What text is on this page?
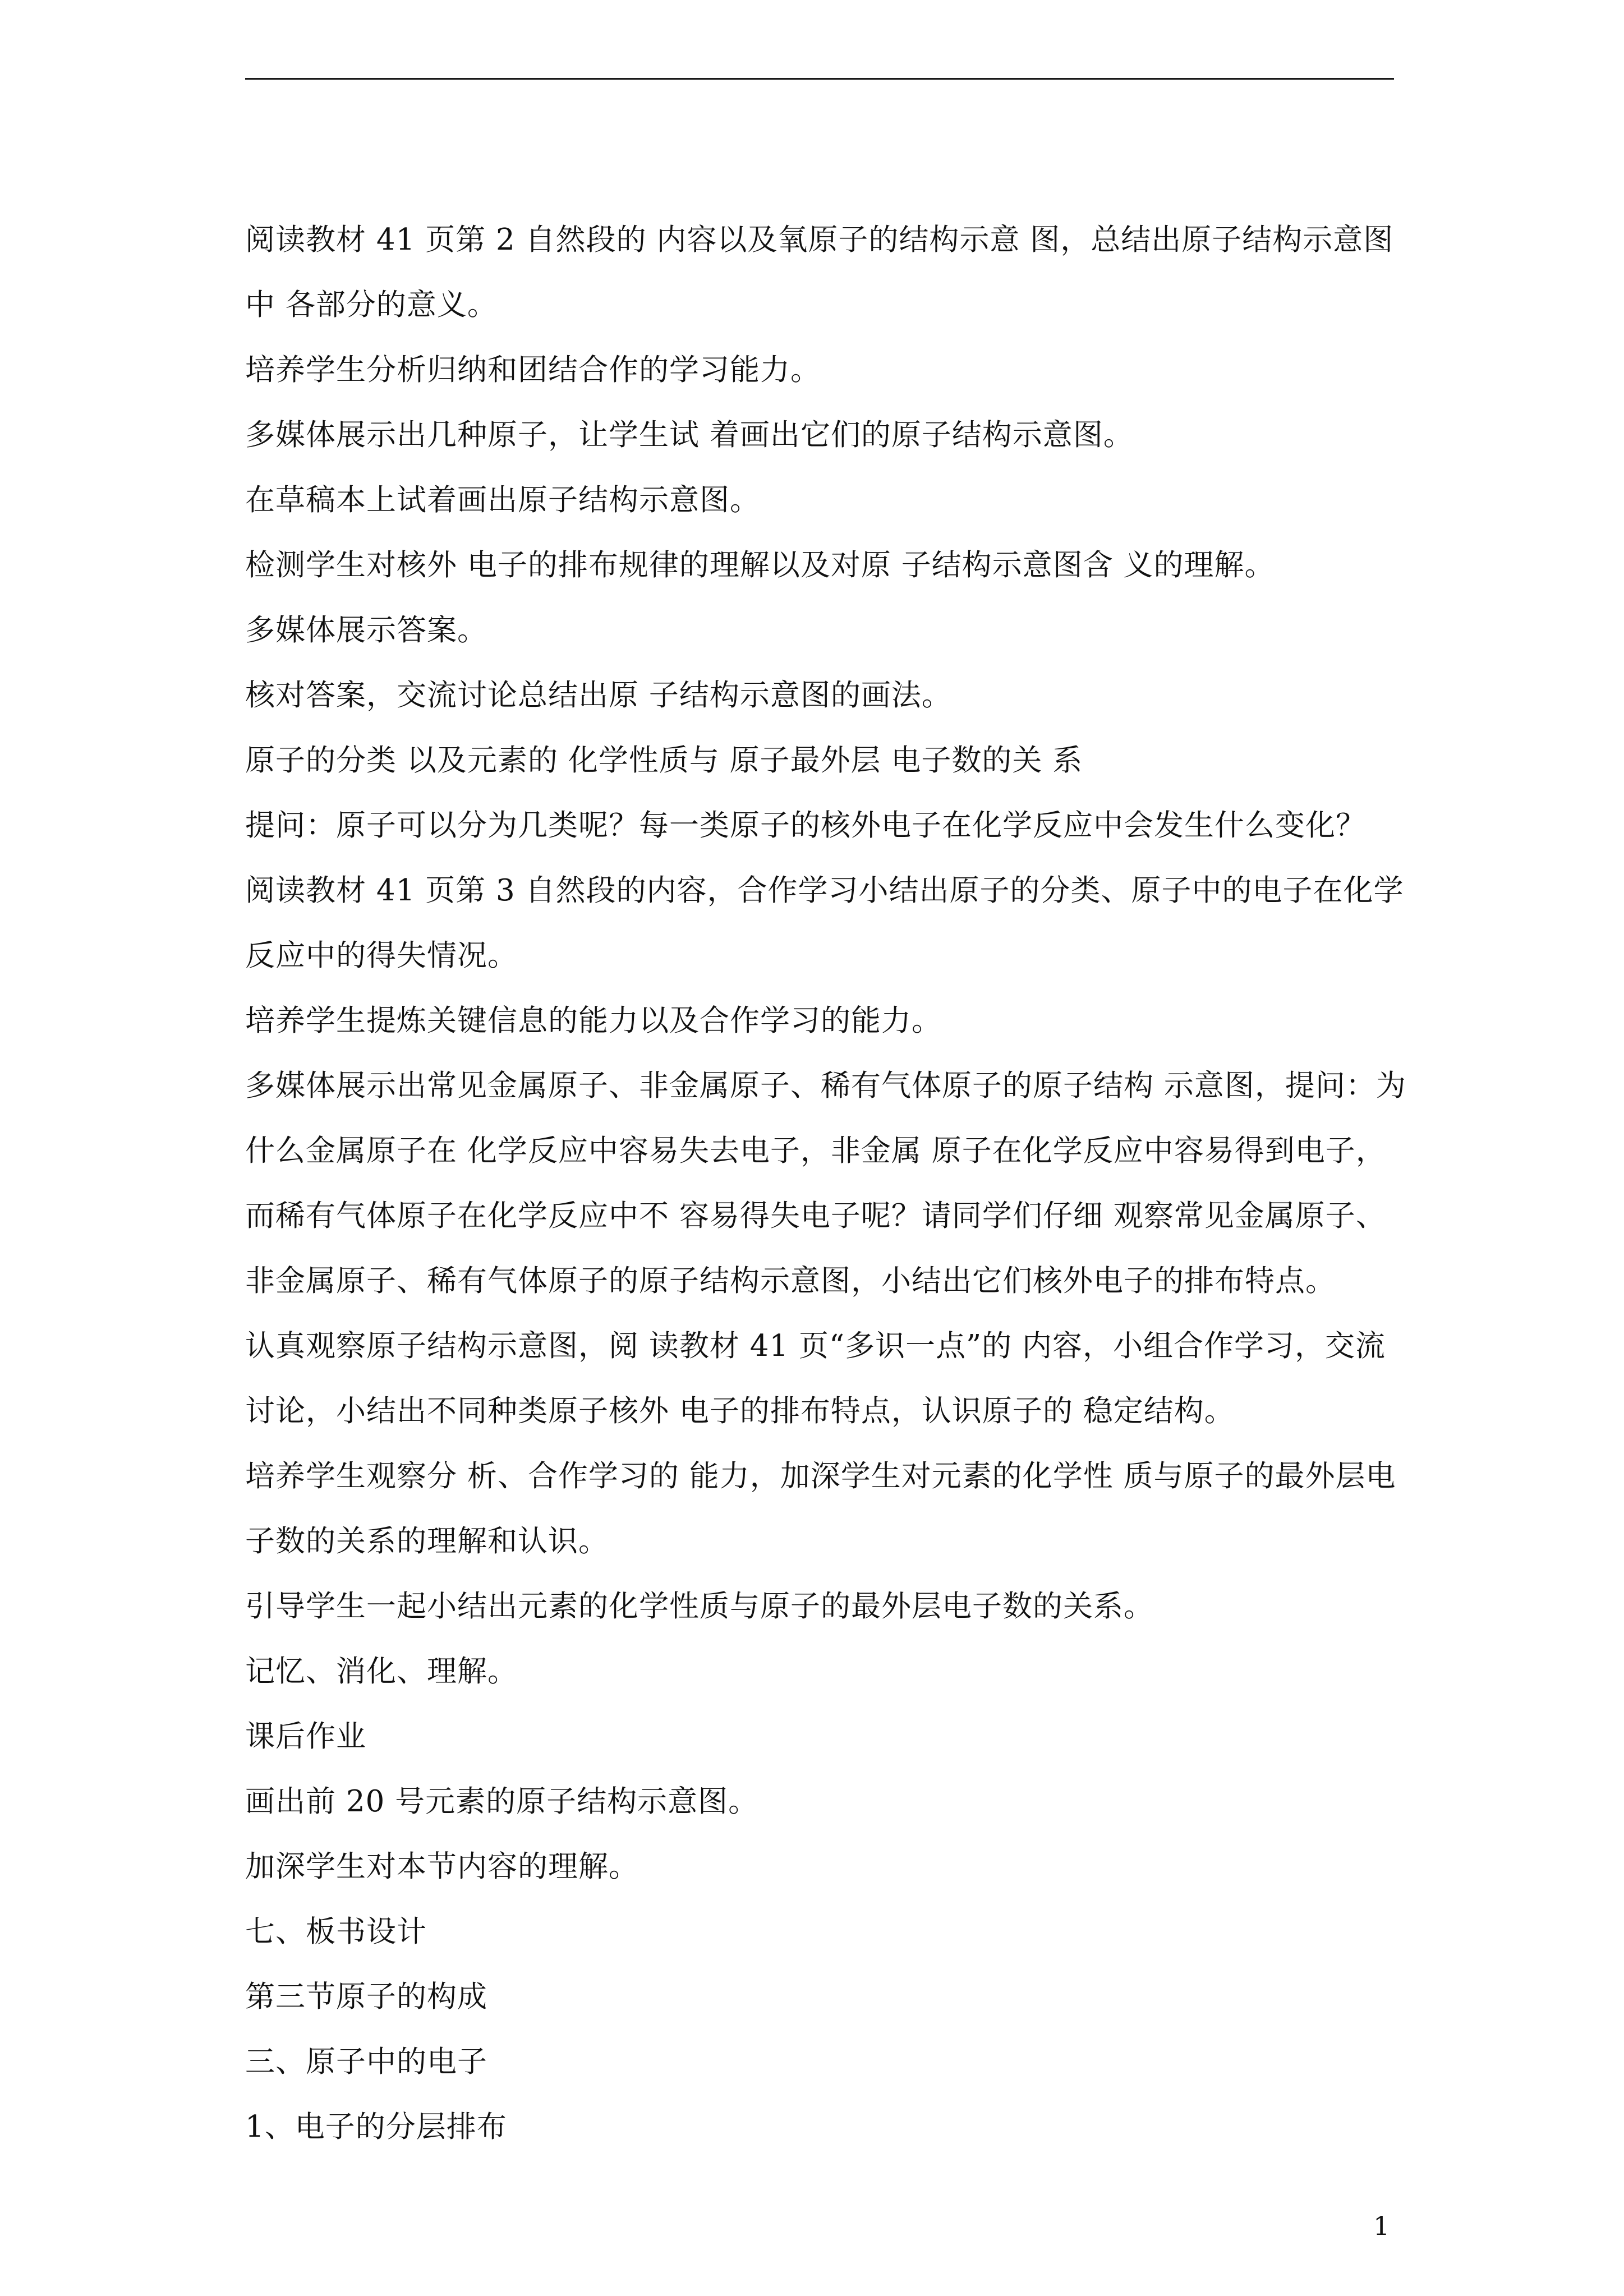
阅读教材 41 页第 2 自然段的 内容以及氧原子的结构示意 图，总结出原子结构示意图中 各部分的意义。

培养学生分析归纳和团结合作的学习能力。

多媒体展示出几种原子，让学生试 着画出它们的原子结构示意图。

在草稿本上试着画出原子结构示意图。

检测学生对核外 电子的排布规律的理解以及对原 子结构示意图含 义的理解。

多媒体展示答案。

核对答案，交流讨论总结出原 子结构示意图的画法。

原子的分类 以及元素的 化学性质与 原子最外层 电子数的关 系

提问：原子可以分为几类呢？每一类原子的核外电子在化学反应中会发生什么变化？

阅读教材 41 页第 3 自然段的内容，合作学习小结出原子的分类、原子中的电子在化学反应中的得失情况。

培养学生提炼关键信息的能力以及合作学习的能力。

多媒体展示出常见金属原子、非金属原子、稀有气体原子的原子结构 示意图，提问：为什么金属原子在 化学反应中容易失去电子，非金属 原子在化学反应中容易得到电子，而稀有气体原子在化学反应中不 容易得失电子呢？请同学们仔细 观察常见金属原子、非金属原子、稀有气体原子的原子结构示意图，小结出它们核外电子的排布特点。

认真观察原子结构示意图，阅 读教材 41 页“多识一点”的 内容，小组合作学习，交流讨论，小结出不同种类原子核外 电子的排布特点，认识原子的 稳定结构。

培养学生观察分 析、合作学习的 能力，加深学生对元素的化学性 质与原子的最外层电子数的关系的理解和认识。

引导学生一起小结出元素的化学性质与原子的最外层电子数的关系。

记忆、消化、理解。

课后作业

画出前 20 号元素的原子结构示意图。

加深学生对本节内容的理解。

七、板书设计

第三节原子的构成

三、原子中的电子

1、电子的分层排布

1
